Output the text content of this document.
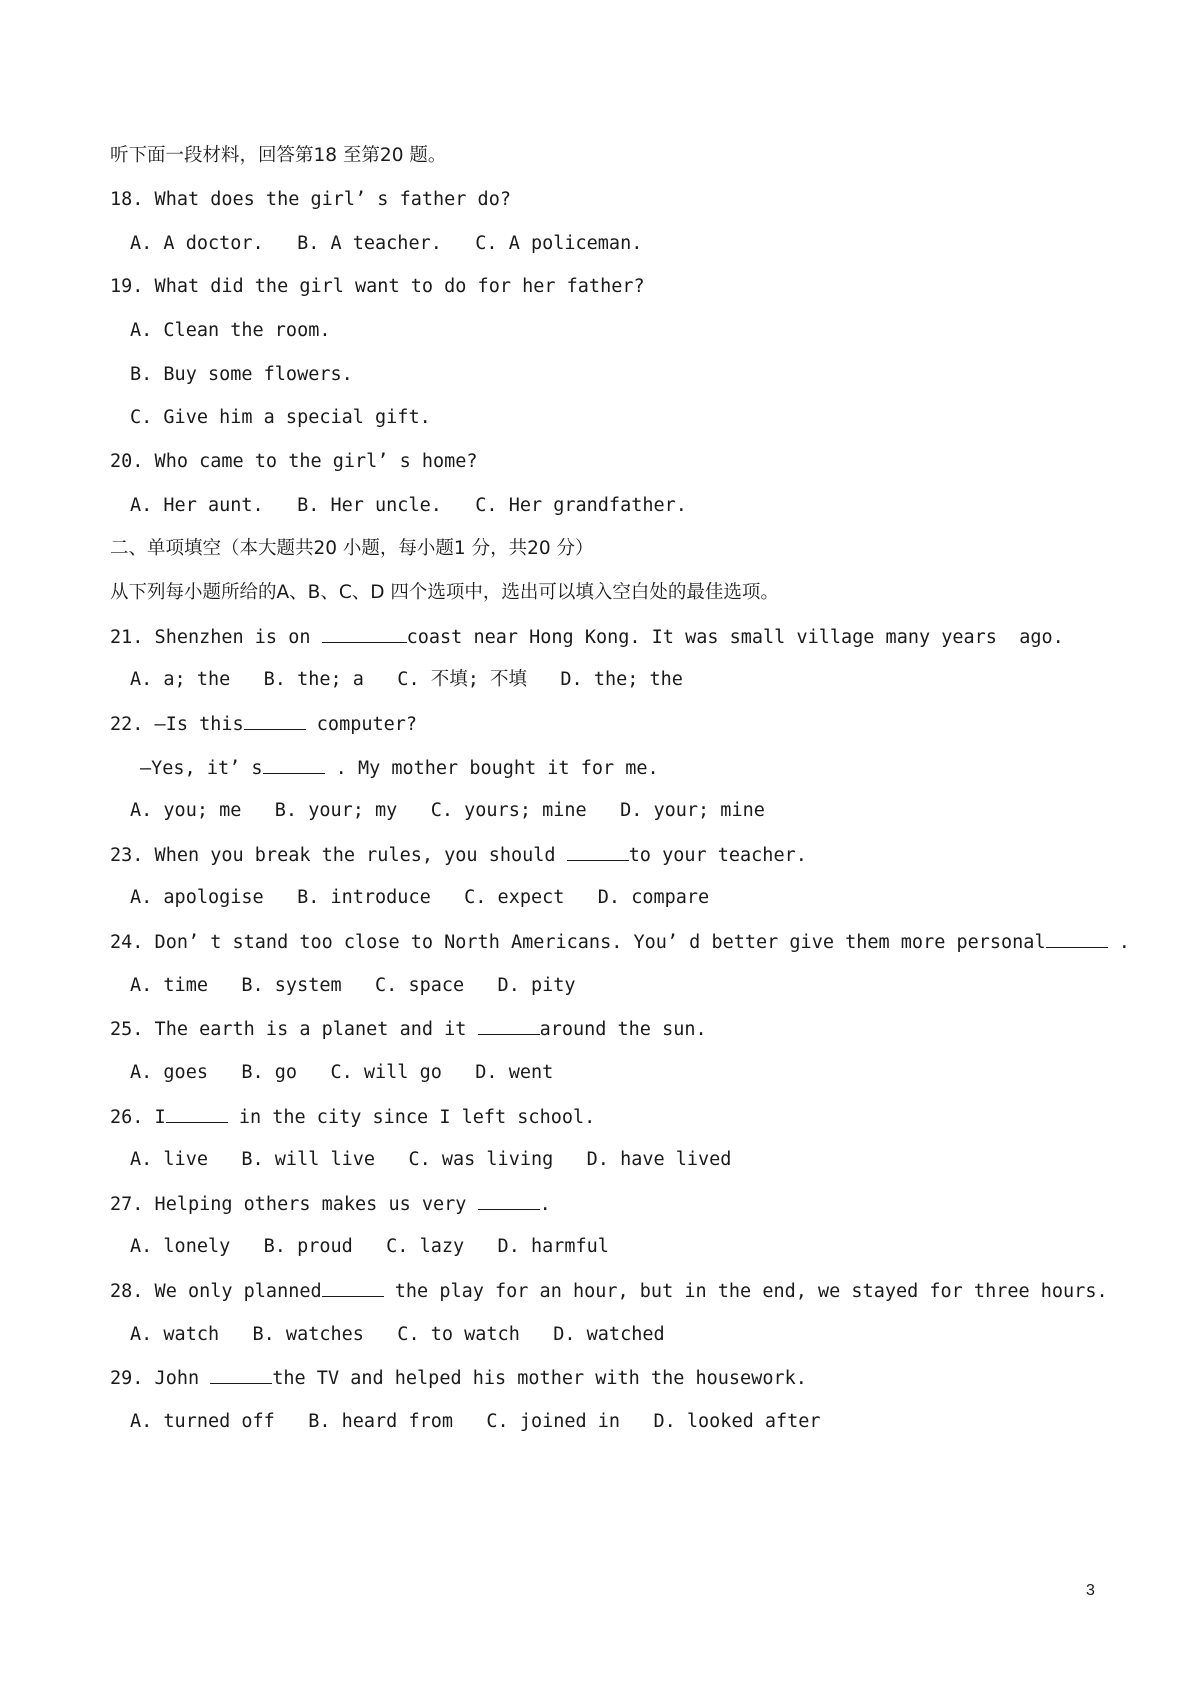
听下面一段材料，回答第18 至第20 题。

18. What does the girl’ s father do?

A. A doctor.   B. A teacher.   C. A policeman.

19. What did the girl want to do for her father?

A. Clean the room.

B. Buy some flowers.

C. Give him a special gift.

20. Who came to the girl’ s home?

A. Her aunt.   B. Her uncle.   C. Her grandfather.

二、单项填空（本大题共20 小题，每小题1 分，共20 分）

从下列每小题所给的A、B、C、D 四个选项中，选出可以填入空白处的最佳选项。

21. Shenzhen is on	coast near Hong Kong. It was small village many years  ago.

A. a; the   B. the; a   C. 不填; 不填   D. the; the

22. —Is this	computer?

—Yes, it’ s	. My mother bought it for me.

A. you; me   B. your; my   C. yours; mine   D. your; mine

23. When you break the rules, you should	to your teacher.

A. apologise   B. introduce   C. expect   D. compare

24. Don’ t stand too close to North Americans. You’ d better give them more personal	.

A. time   B. system   C. space   D. pity

25. The earth is a planet and it	around the sun.

A. goes   B. go   C. will go   D. went

26. I	in the city since I left school.

A. live   B. will live   C. was living   D. have lived

27. Helping others makes us very	.

A. lonely   B. proud   C. lazy   D. harmful

28. We only planned	the play for an hour, but in the end, we stayed for three hours.

A. watch   B. watches   C. to watch   D. watched

29. John	the TV and helped his mother with the housework.

A. turned off   B. heard from   C. joined in   D. looked after

3
